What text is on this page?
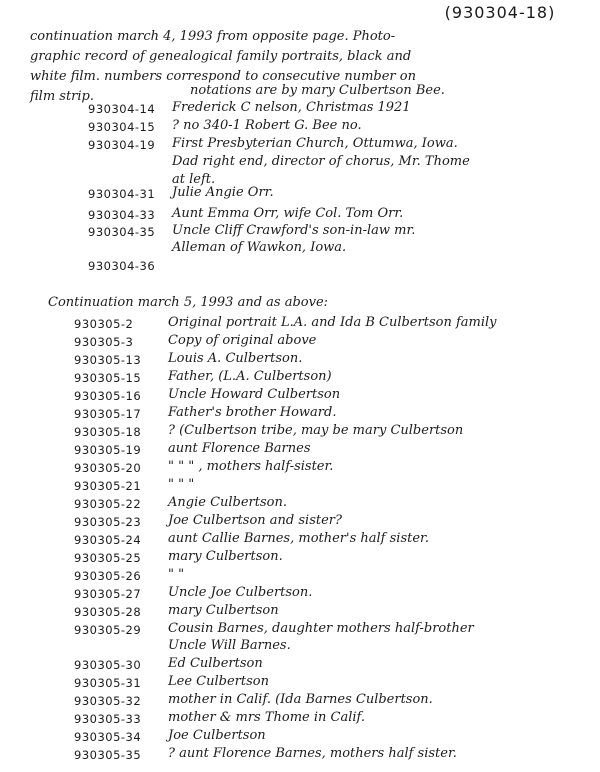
(930304-18)
continuation march 4, 1993 from opposite page. Photo-
graphic record of genealogical family portraits, black and
white film. numbers correspond to consecutive number on
film strip.	notations are by mary Culbertson Bee.
930304-14 Frederick C nelson, Christmas 1921
930304-15 ? no 340-1 Robert G. Bee no.
930304-19 First Presbyterian Church, Ottumwa, Iowa.
Dad right end, director of chorus, Mr. Thome
at left.
930304-31 Julie Angie Orr.
930304-33 Aunt Emma Orr, wife Col. Tom Orr.
930304-35 Uncle Cliff Crawford's son-in-law mr.
Alleman of Wawkon, Iowa.
930304-36
Continuation march 5, 1993 and as above:
930305-2	Original portrait L.A. and Ida B Culbertson family
930305-3	Copy of original above
930305-13 Louis A. Culbertson.
930305-15 Father, (L.A. Culbertson)
930305-16 Uncle Howard Culbertson
930305-17 Father's brother Howard.
930305-18 ? (Culbertson tribe, may be mary Culbertson
930305-19 aunt Florence Barnes
930305-20 " " " , mothers half-sister.
930305-21 " " "
930305-22 Angie Culbertson.
930305-23 Joe Culbertson and sister?
930305-24 aunt Callie Barnes, mother's half sister.
930305-25 mary Culbertson.
930305-26 " "
930305-27 Uncle Joe Culbertson.
930305-28 mary Culbertson
930305-29 Cousin Barnes, daughter mothers half-brother
Uncle Will Barnes.
930305-30 Ed Culbertson
930305-31 Lee Culbertson
930305-32 mother in Calif. (Ida Barnes Culbertson.
930305-33 mother & mrs Thome in Calif.
930305-34 Joe Culbertson
930305-35 ? aunt Florence Barnes, mothers half sister.
